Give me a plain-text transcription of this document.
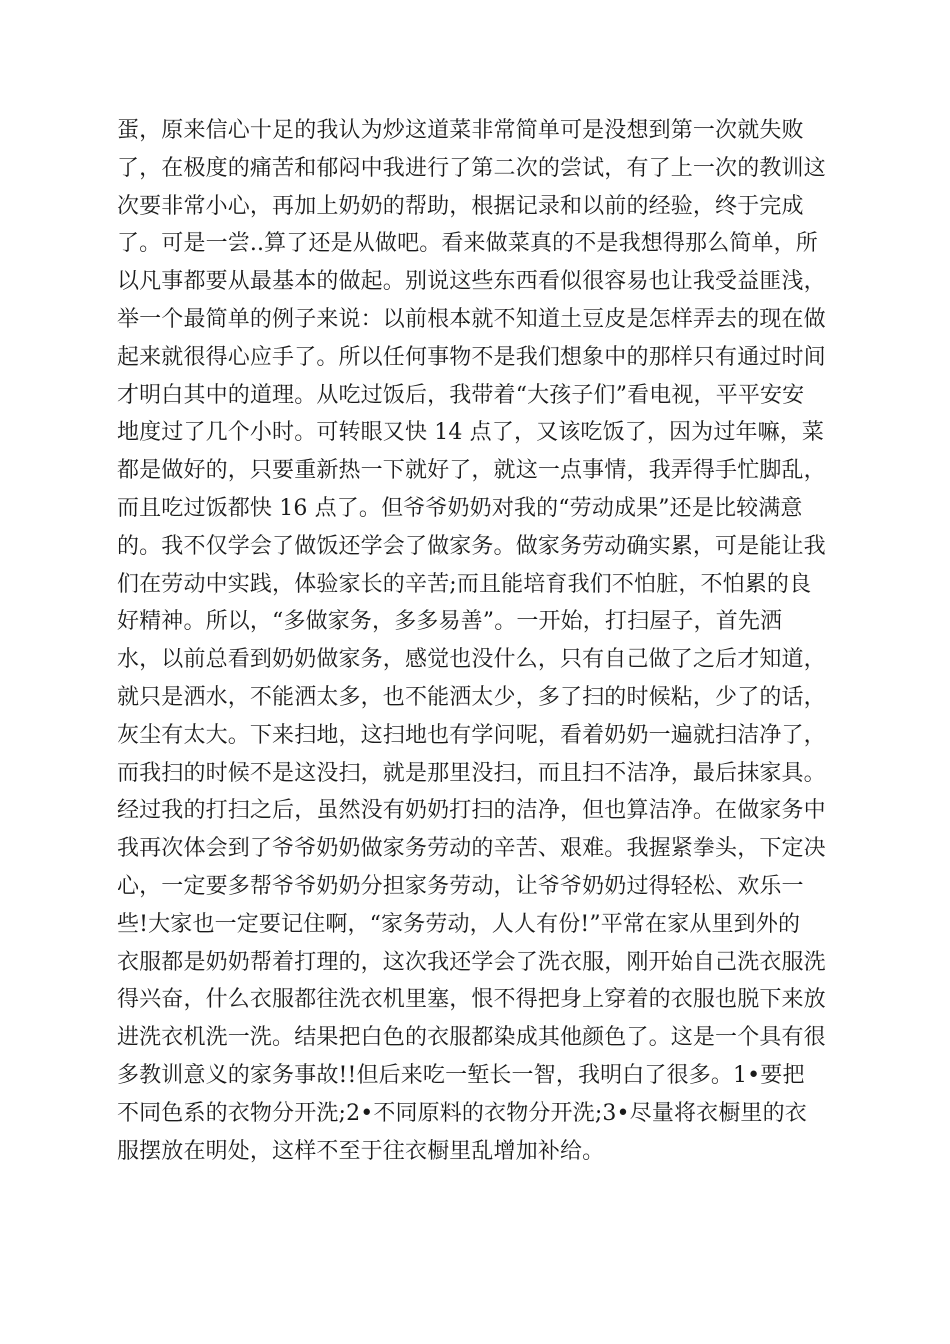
蛋，原来信心十足的我认为炒这道菜非常简单可是没想到第一次就失败
了，在极度的痛苦和郁闷中我进行了第二次的尝试，有了上一次的教训这
次要非常小心，再加上奶奶的帮助，根据记录和以前的经验，终于完成
了。可是一尝..算了还是从做吧。看来做菜真的不是我想得那么简单，所
以凡事都要从最基本的做起。别说这些东西看似很容易也让我受益匪浅，
举一个最简单的例子来说：以前根本就不知道土豆皮是怎样弄去的现在做
起来就很得心应手了。所以任何事物不是我们想象中的那样只有通过时间
才明白其中的道理。从吃过饭后，我带着“大孩子们”看电视，平平安安
地度过了几个小时。可转眼又快 14 点了，又该吃饭了，因为过年嘛，菜
都是做好的，只要重新热一下就好了，就这一点事情，我弄得手忙脚乱，
而且吃过饭都快 16 点了。但爷爷奶奶对我的“劳动成果”还是比较满意
的。我不仅学会了做饭还学会了做家务。做家务劳动确实累，可是能让我
们在劳动中实践，体验家长的辛苦;而且能培育我们不怕脏，不怕累的良
好精神。所以，“多做家务，多多易善”。一开始，打扫屋子，首先洒
水，以前总看到奶奶做家务，感觉也没什么，只有自己做了之后才知道，
就只是洒水，不能洒太多，也不能洒太少，多了扫的时候粘，少了的话，
灰尘有太大。下来扫地，这扫地也有学问呢，看着奶奶一遍就扫洁净了，
而我扫的时候不是这没扫，就是那里没扫，而且扫不洁净，最后抹家具。
经过我的打扫之后，虽然没有奶奶打扫的洁净，但也算洁净。在做家务中
我再次体会到了爷爷奶奶做家务劳动的辛苦、艰难。我握紧拳头，下定决
心，一定要多帮爷爷奶奶分担家务劳动，让爷爷奶奶过得轻松、欢乐一
些!大家也一定要记住啊，“家务劳动，人人有份!”平常在家从里到外的
衣服都是奶奶帮着打理的，这次我还学会了洗衣服，刚开始自己洗衣服洗
得兴奋，什么衣服都往洗衣机里塞，恨不得把身上穿着的衣服也脱下来放
进洗衣机洗一洗。结果把白色的衣服都染成其他颜色了。这是一个具有很
多教训意义的家务事故!!但后来吃一堑长一智，我明白了很多。1•要把
不同色系的衣物分开洗;2•不同原料的衣物分开洗;3•尽量将衣橱里的衣
服摆放在明处，这样不至于往衣橱里乱增加补给。
